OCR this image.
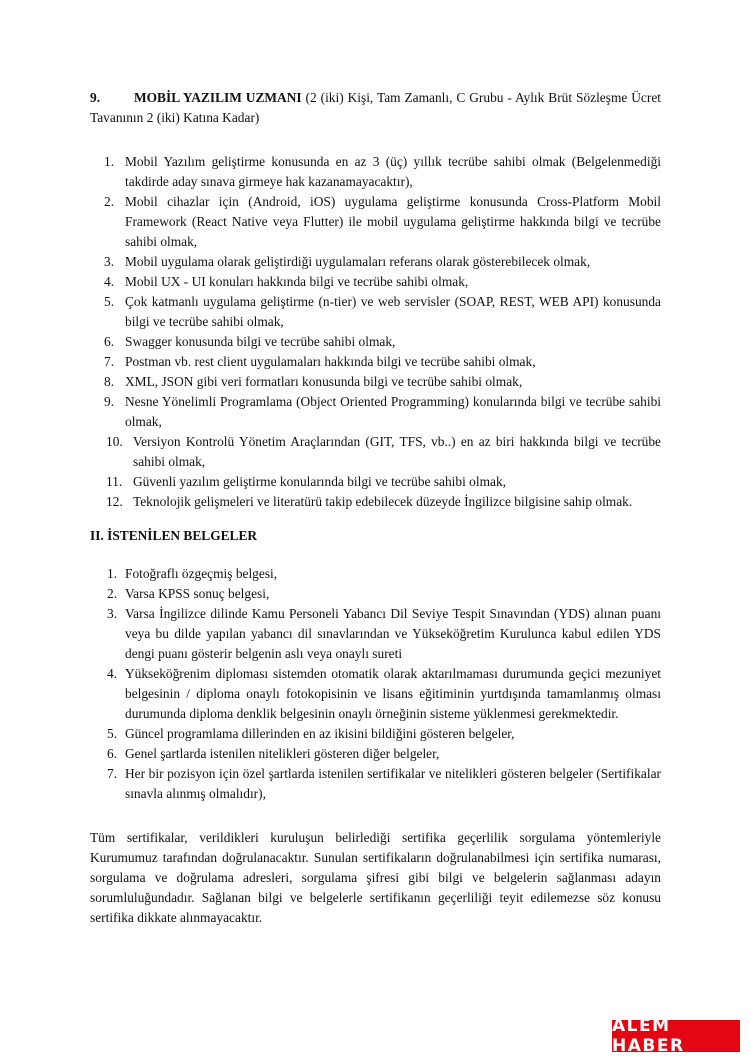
9.	MOBİL YAZILIM UZMANI (2 (iki) Kişi, Tam Zamanlı, C Grubu - Aylık Brüt Sözleşme Ücret Tavanının 2 (iki) Katına Kadar)

1. Mobil Yazılım geliştirme konusunda en az 3 (üç) yıllık tecrübe sahibi olmak (Belgelenmediği takdirde aday sınava girmeye hak kazanamayacaktır),
2. Mobil cihazlar için (Android, iOS) uygulama geliştirme konusunda Cross-Platform Mobil Framework (React Native veya Flutter) ile mobil uygulama geliştirme hakkında bilgi ve tecrübe sahibi olmak,
3. Mobil uygulama olarak geliştirdiği uygulamaları referans olarak gösterebilecek olmak,
4. Mobil UX - UI konuları hakkında bilgi ve tecrübe sahibi olmak,
5. Çok katmanlı uygulama geliştirme (n-tier) ve web servisler (SOAP, REST, WEB API) konusunda bilgi ve tecrübe sahibi olmak,
6. Swagger konusunda bilgi ve tecrübe sahibi olmak,
7. Postman vb. rest client uygulamaları hakkında bilgi ve tecrübe sahibi olmak,
8. XML, JSON gibi veri formatları konusunda bilgi ve tecrübe sahibi olmak,
9. Nesne Yönelimli Programlama (Object Oriented Programming) konularında bilgi ve tecrübe sahibi olmak,
10. Versiyon Kontrolü Yönetim Araçlarından (GIT, TFS, vb..) en az biri hakkında bilgi ve tecrübe sahibi olmak,
11. Güvenli yazılım geliştirme konularında bilgi ve tecrübe sahibi olmak,
12. Teknolojik gelişmeleri ve literatürü takip edebilecek düzeyde İngilizce bilgisine sahip olmak.
II. İSTENİLEN BELGELER
1. Fotoğraflı özgeçmiş belgesi,
2. Varsa KPSS sonuç belgesi,
3. Varsa İngilizce dilinde Kamu Personeli Yabancı Dil Seviye Tespit Sınavından (YDS) alınan puanı veya bu dilde yapılan yabancı dil sınavlarından ve Yükseköğretim Kurulunca kabul edilen YDS dengi puanı gösterir belgenin aslı veya onaylı sureti
4. Yükseköğrenim diploması sistemden otomatik olarak aktarılmaması durumunda geçici mezuniyet belgesinin / diploma onaylı fotokopisinin ve lisans eğitiminin yurtdışında tamamlanmış olması durumunda diploma denklik belgesinin onaylı örneğinin sisteme yüklenmesi gerekmektedir.
5. Güncel programlama dillerinden en az ikisini bildiğini gösteren belgeler,
6. Genel şartlarda istenilen nitelikleri gösteren diğer belgeler,
7. Her bir pozisyon için özel şartlarda istenilen sertifikalar ve nitelikleri gösteren belgeler (Sertifikalar sınavla alınmış olmalıdır),

Tüm sertifikalar, verildikleri kuruluşun belirlediği sertifika geçerlilik sorgulama yöntemleriyle Kurumumuz tarafından doğrulanacaktır. Sunulan sertifikaların doğrulanabilmesi için sertifika numarası, sorgulama ve doğrulama adresleri, sorgulama şifresi gibi bilgi ve belgelerin sağlanması adayın sorumluluğundadır. Sağlanan bilgi ve belgelerle sertifikanın geçerliliği teyit edilemezse söz konusu sertifika dikkate alınmayacaktır.

ALEM HABER
